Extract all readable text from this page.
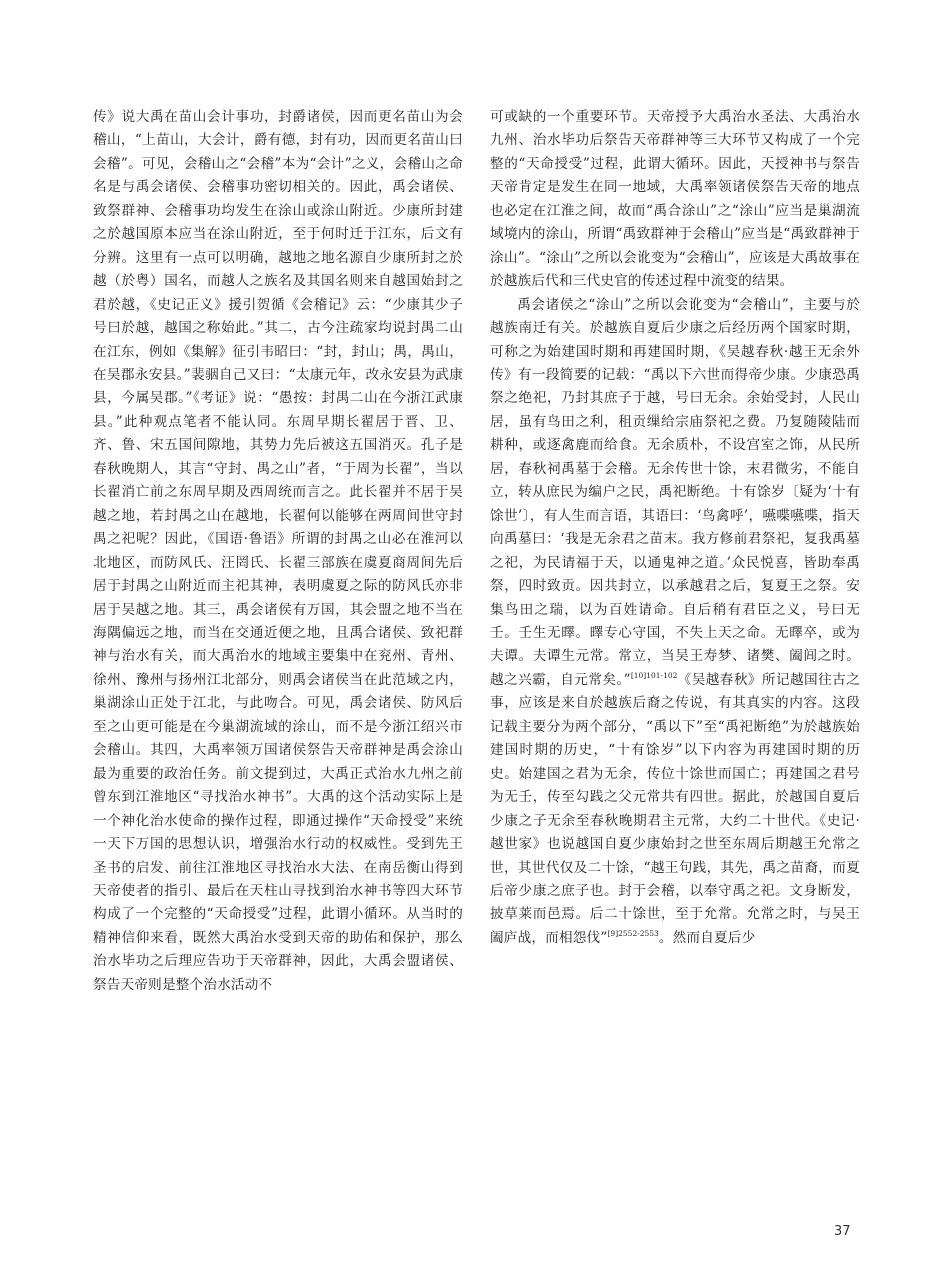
传》说大禹在苗山会计事功，封爵诸侯，因而更名苗山为会稽山，“上苗山，大会计，爵有德，封有功，因而更名苗山曰会稽”。可见，会稽山之“会稽”本为“会计”之义，会稽山之命名是与禹会诸侯、会稽事功密切相关的。因此，禹会诸侯、致祭群神、会稽事功均发生在涂山或涂山附近。少康所封建之於越国原本应当在涂山附近，至于何时迁于江东，后文有分辨。这里有一点可以明确，越地之地名源自少康所封之於越（於粤）国名，而越人之族名及其国名则来自越国始封之君於越，《史记正义》援引贺循《会稽记》云：“少康其少子号曰於越，越国之称始此。”其二，古今注疏家均说封禺二山在江东，例如《集解》征引韦昭曰：“封，封山；禺，禺山，在吴郡永安县。”裴骃自己又曰：“太康元年，改永安县为武康县，今属吴郡。”《考证》说：“愚按：封禺二山在今浙江武康县。”此种观点笔者不能认同。东周早期长翟居于晋、卫、齐、鲁、宋五国间隙地，其势力先后被这五国消灭。孔子是春秋晚期人，其言“守封、禺之山”者，“于周为长翟”，当以长翟消亡前之东周早期及西周统而言之。此长翟并不居于吴越之地，若封禺之山在越地，长翟何以能够在两周间世守封禺之祀呢？因此，《国语·鲁语》所谓的封禺之山必在淮河以北地区，而防风氏、汪罔氏、长翟三部族在虞夏商周间先后居于封禺之山附近而主祀其神，表明虞夏之际的防风氏亦非居于吴越之地。其三，禹会诸侯有万国，其会盟之地不当在海隅偏远之地，而当在交通近便之地，且禹合诸侯、致祀群神与治水有关，而大禹治水的地域主要集中在兖州、青州、徐州、豫州与扬州江北部分，则禹会诸侯当在此范域之内，巢湖涂山正处于江北，与此吻合。可见，禹会诸侯、防风后至之山更可能是在今巢湖流域的涂山，而不是今浙江绍兴市会稽山。其四，大禹率领万国诸侯祭告天帝群神是禹会涂山最为重要的政治任务。前文提到过，大禹正式治水九州之前曾东到江淮地区“寻找治水神书”。大禹的这个活动实际上是一个神化治水使命的操作过程，即通过操作“天命授受”来统一天下万国的思想认识，增强治水行动的权威性。受到先王圣书的启发、前往江淮地区寻找治水大法、在南岳衡山得到天帝使者的指引、最后在天柱山寻找到治水神书等四大环节构成了一个完整的“天命授受”过程，此谓小循环。从当时的精神信仰来看，既然大禹治水受到天帝的助佑和保护，那么治水毕功之后理应告功于天帝群神，因此，大禹会盟诸侯、祭告天帝则是整个治水活动不

可或缺的一个重要环节。天帝授予大禹治水圣法、大禹治水九州、治水毕功后祭告天帝群神等三大环节又构成了一个完整的“天命授受”过程，此谓大循环。因此，天授神书与祭告天帝肯定是发生在同一地域，大禹率领诸侯祭告天帝的地点也必定在江淮之间，故而“禹合涂山”之“涂山”应当是巢湖流域境内的涂山，所谓“禹致群神于会稽山”应当是“禹致群神于涂山”。“涂山”之所以会讹变为“会稽山”，应该是大禹故事在於越族后代和三代史官的传述过程中流变的结果。

禹会诸侯之“涂山”之所以会讹变为“会稽山”，主要与於越族南迁有关。於越族自夏后少康之后经历两个国家时期，可称之为始建国时期和再建国时期，《吴越春秋·越王无余外传》有一段简要的记载：“禹以下六世而得帝少康。少康恐禹祭之绝祀，乃封其庶子于越，号曰无余。余始受封，人民山居，虽有鸟田之利，租贡缫给宗庙祭祀之费。乃复随陵陆而耕种，或逐禽鹿而给食。无余质朴，不设宫室之饰，从民所居，春秋祠禹墓于会稽。无余传世十馀，末君微劣，不能自立，转从庶民为编户之民，禹祀断绝。十有馀岁〔疑为‘十有馀世’〕，有人生而言语，其语曰：‘鸟禽呼’，嚥喋嚥喋，指天向禹墓曰：‘我是无余君之苗末。我方修前君祭祀，复我禹墓之祀，为民请福于天，以通鬼神之道。’众民悦喜，皆助奉禹祭，四时致贡。因共封立，以承越君之后，复夏王之祭。安集鸟田之瑞，以为百姓请命。自后稍有君臣之义，号曰无壬。壬生无曎。曎专心守国，不失上天之命。无曎卒，或为夫谭。夫谭生元常。常立，当吴王寿梦、诸樊、阖闾之时。越之兴霸，自元常矣。”$^{[10]101-102}$《吴越春秋》所记越国往古之事，应该是来自於越族后裔之传说，有其真实的内容。这段记载主要分为两个部分，“禹以下”至“禹祀断绝”为於越族始建国时期的历史，“十有馀岁”以下内容为再建国时期的历史。始建国之君为无余，传位十馀世而国亡；再建国之君号为无壬，传至勾践之父元常共有四世。据此，於越国自夏后少康之子无余至春秋晚期君主元常，大约二十世代。《史记·越世家》也说越国自夏少康始封之世至东周后期越王允常之世，其世代仅及二十馀，“越王句践，其先，禹之苗裔，而夏后帝少康之庶子也。封于会稽，以奉守禹之祀。文身断发，披草莱而邑焉。后二十馀世，至于允常。允常之时，与吴王阖庐战，而相怨伐”$^{[9]2552-2553}$。然而自夏后少

37
